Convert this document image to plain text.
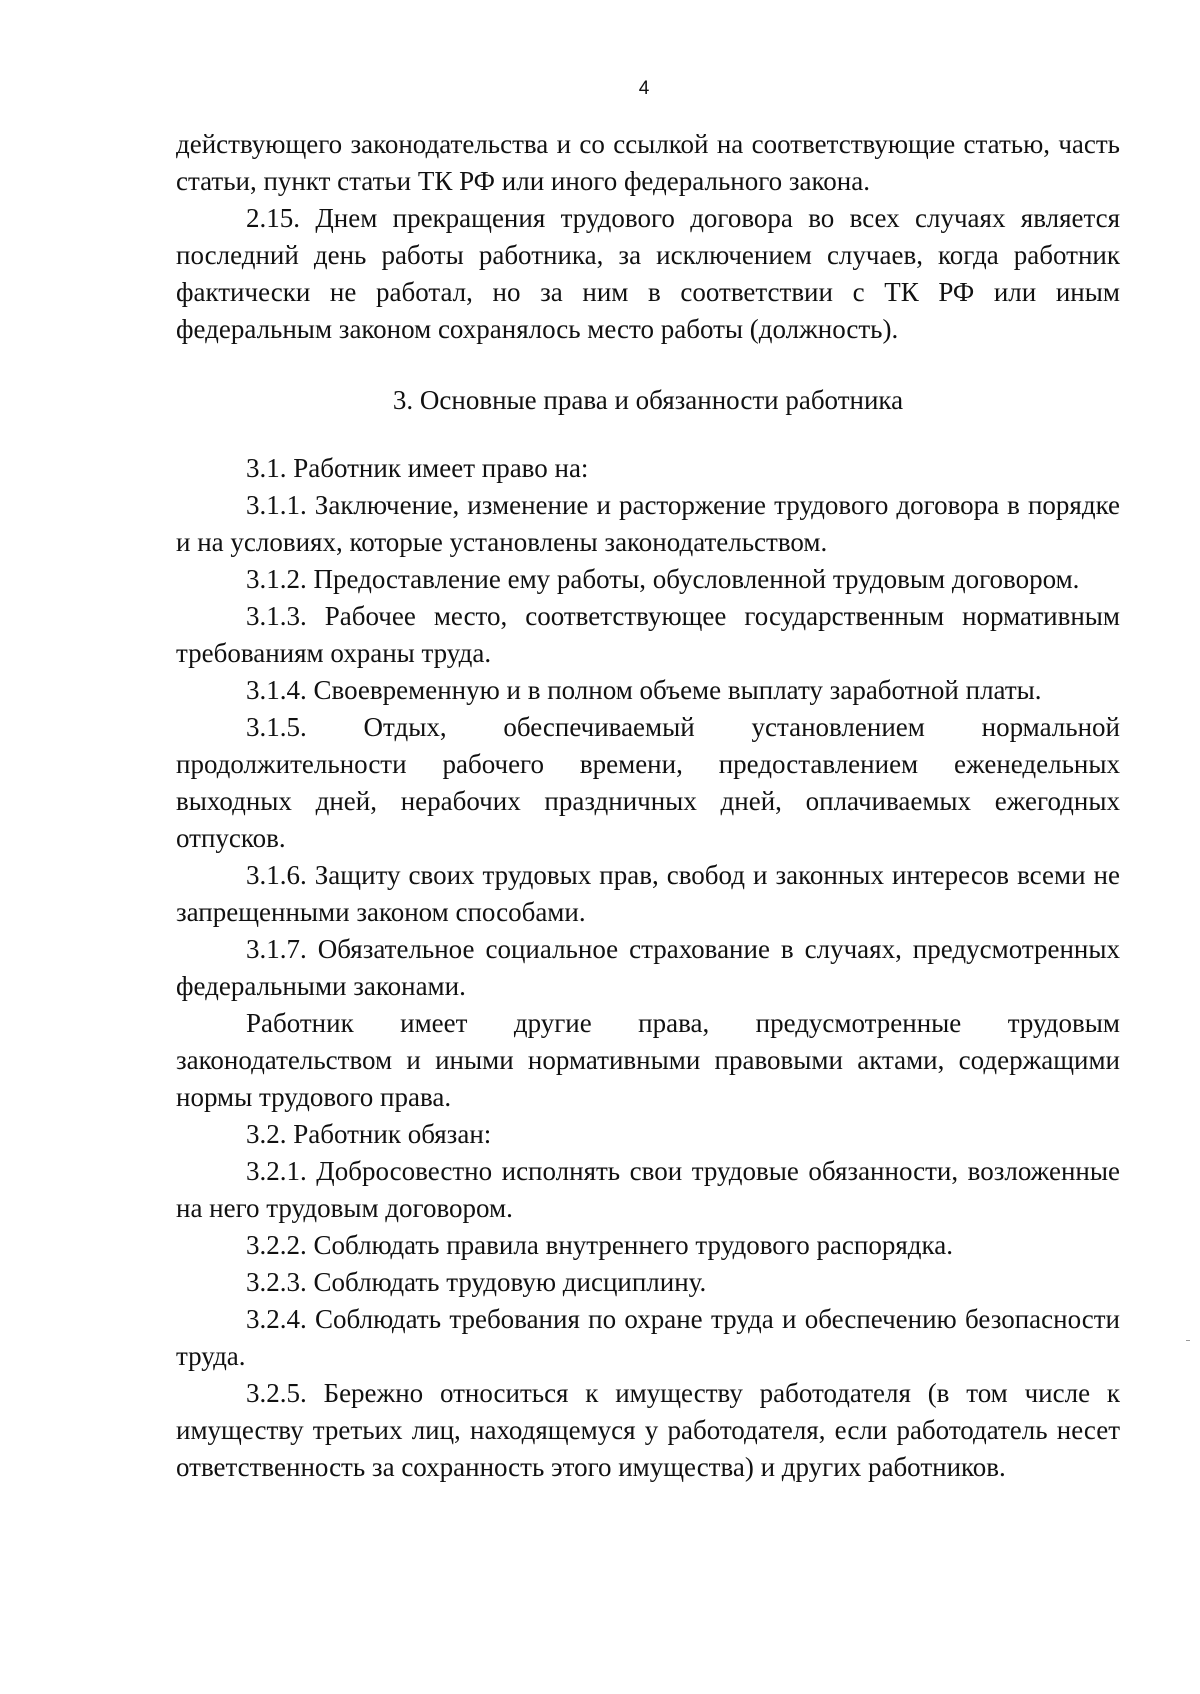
4

действующего законодательства и со ссылкой на соответствующие статью, часть статьи, пункт статьи ТК РФ или иного федерального закона.

2.15. Днем прекращения трудового договора во всех случаях является последний день работы работника, за исключением случаев, когда работник фактически не работал, но за ним в соответствии с ТК РФ или иным федеральным законом сохранялось место работы (должность).

3. Основные права и обязанности работника

3.1. Работник имеет право на:

3.1.1. Заключение, изменение и расторжение трудового договора в порядке и на условиях, которые установлены законодательством.

3.1.2. Предоставление ему работы, обусловленной трудовым договором.

3.1.3. Рабочее место, соответствующее государственным нормативным требованиям охраны труда.

3.1.4. Своевременную и в полном объеме выплату заработной платы.

3.1.5. Отдых, обеспечиваемый установлением нормальной продолжительности рабочего времени, предоставлением еженедельных выходных дней, нерабочих праздничных дней, оплачиваемых ежегодных отпусков.

3.1.6. Защиту своих трудовых прав, свобод и законных интересов всеми не запрещенными законом способами.

3.1.7. Обязательное социальное страхование в случаях, предусмотренных федеральными законами.

Работник имеет другие права, предусмотренные трудовым законодательством и иными нормативными правовыми актами, содержащими нормы трудового права.

3.2. Работник обязан:

3.2.1. Добросовестно исполнять свои трудовые обязанности, возложенные на него трудовым договором.

3.2.2. Соблюдать правила внутреннего трудового распорядка.

3.2.3. Соблюдать трудовую дисциплину.

3.2.4. Соблюдать требования по охране труда и обеспечению безопасности труда.

3.2.5. Бережно относиться к имуществу работодателя (в том числе к имуществу третьих лиц, находящемуся у работодателя, если работодатель несет ответственность за сохранность этого имущества) и других работников.
